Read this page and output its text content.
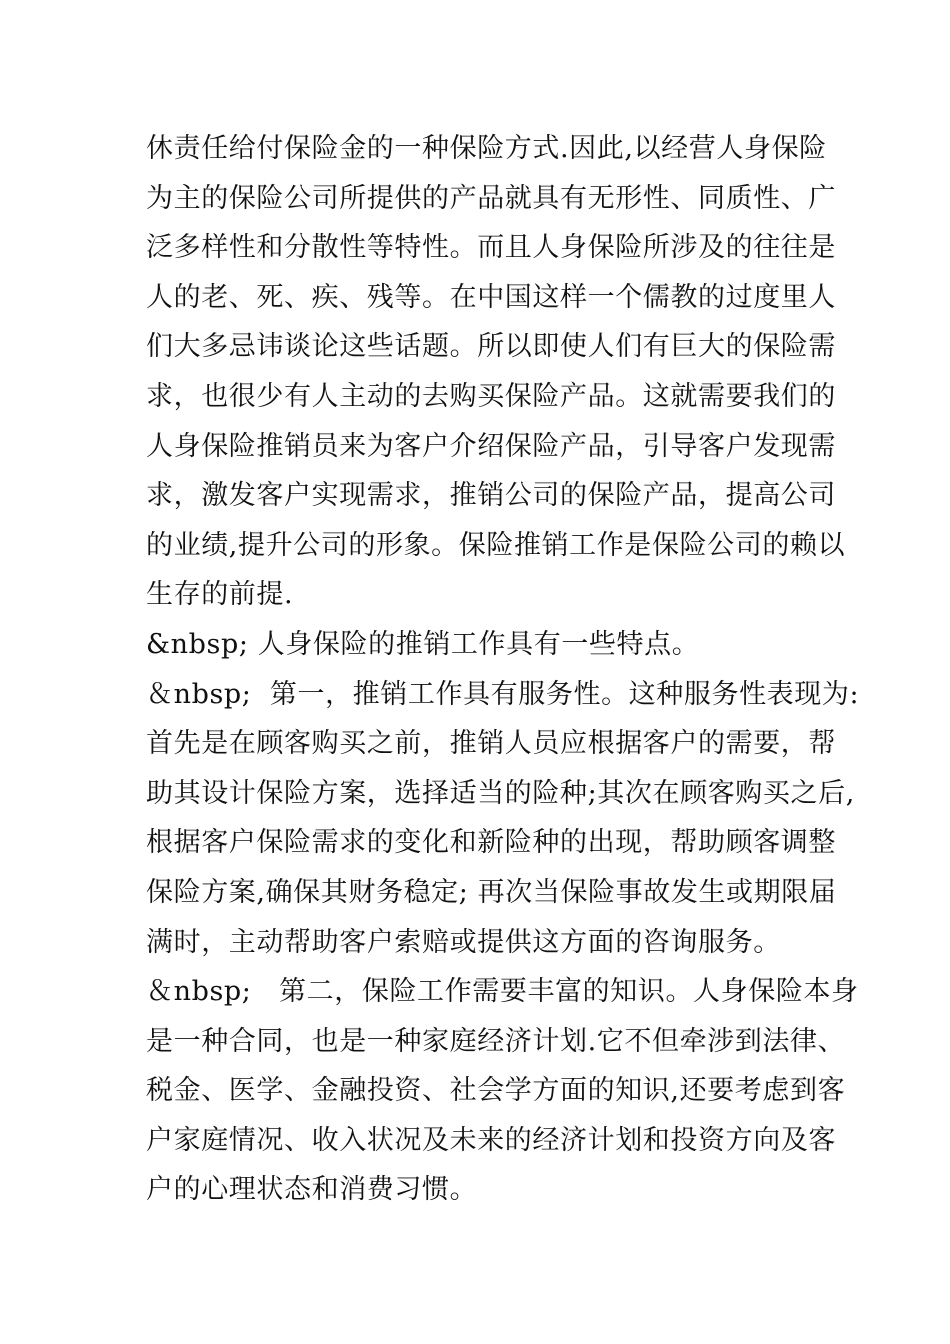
休责任给付保险金的一种保险方式.因此,以经营人身保险
为主的保险公司所提供的产品就具有无形性、同质性、广
泛多样性和分散性等特性。而且人身保险所涉及的往往是
人的老、死、疾、残等。在中国这样一个儒教的过度里人
们大多忌讳谈论这些话题。所以即使人们有巨大的保险需
求，也很少有人主动的去购买保险产品。这就需要我们的
人身保险推销员来为客户介绍保险产品，引导客户发现需
求，激发客户实现需求，推销公司的保险产品，提高公司
的业绩,提升公司的形象。保险推销工作是保险公司的赖以
生存的前提.
&nbsp; 人身保险的推销工作具有一些特点。
＆nbsp;  第一，推销工作具有服务性。这种服务性表现为:
首先是在顾客购买之前，推销人员应根据客户的需要，帮
助其设计保险方案，选择适当的险种;其次在顾客购买之后,
根据客户保险需求的变化和新险种的出现，帮助顾客调整
保险方案,确保其财务稳定; 再次当保险事故发生或期限届
满时，主动帮助客户索赔或提供这方面的咨询服务。
＆nbsp;   第二，保险工作需要丰富的知识。人身保险本身
是一种合同，也是一种家庭经济计划.它不但牵涉到法律、
税金、医学、金融投资、社会学方面的知识,还要考虑到客
户家庭情况、收入状况及未来的经济计划和投资方向及客
户的心理状态和消费习惯。
